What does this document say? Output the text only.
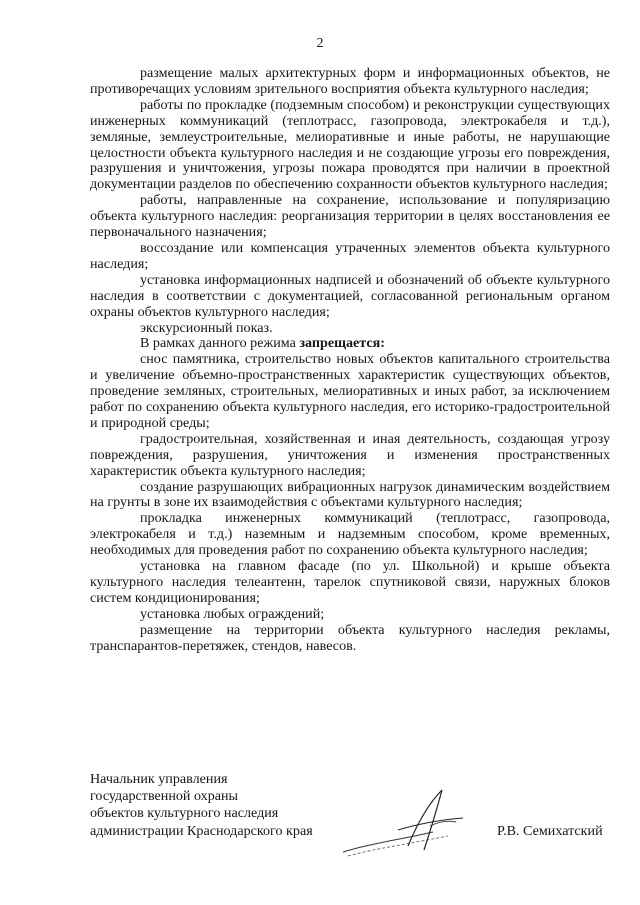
2

размещение малых архитектурных форм и информационных объектов, не противоречащих условиям зрительного восприятия объекта культурного наследия;

работы по прокладке (подземным способом) и реконструкции существующих инженерных коммуникаций (теплотрасс, газопровода, электрокабеля и т.д.), земляные, землеустроительные, мелиоративные и иные работы, не нарушающие целостности объекта культурного наследия и не создающие угрозы его повреждения, разрушения и уничтожения, угрозы пожара проводятся при наличии в проектной документации разделов по обеспечению сохранности объектов культурного наследия;

работы, направленные на сохранение, использование и популяризацию объекта культурного наследия: реорганизация территории в целях восстановления ее первоначального назначения;

воссоздание или компенсация утраченных элементов объекта культурного наследия;

установка информационных надписей и обозначений об объекте культурного наследия в соответствии с документацией, согласованной региональным органом охраны объектов культурного наследия;

экскурсионный показ.

В рамках данного режима запрещается:

снос памятника, строительство новых объектов капитального строительства и увеличение объемно-пространственных характеристик существующих объектов, проведение земляных, строительных, мелиоративных и иных работ, за исключением работ по сохранению объекта культурного наследия, его историко-градостроительной и природной среды;

градостроительная, хозяйственная и иная деятельность, создающая угрозу повреждения, разрушения, уничтожения и изменения пространственных характеристик объекта культурного наследия;

создание разрушающих вибрационных нагрузок динамическим воздействием на грунты в зоне их взаимодействия с объектами культурного наследия;

прокладка инженерных коммуникаций (теплотрасс, газопровода, электрокабеля и т.д.) наземным и надземным способом, кроме временных, необходимых для проведения работ по сохранению объекта культурного наследия;

установка на главном фасаде (по ул. Школьной) и крыше объекта культурного наследия телеантенн, тарелок спутниковой связи, наружных блоков систем кондиционирования;

установка любых ограждений;

размещение на территории объекта культурного наследия рекламы, транспарантов-перетяжек, стендов, навесов.

Начальник управления
государственной охраны
объектов культурного наследия
администрации Краснодарского края	Р.В. Семихатский
